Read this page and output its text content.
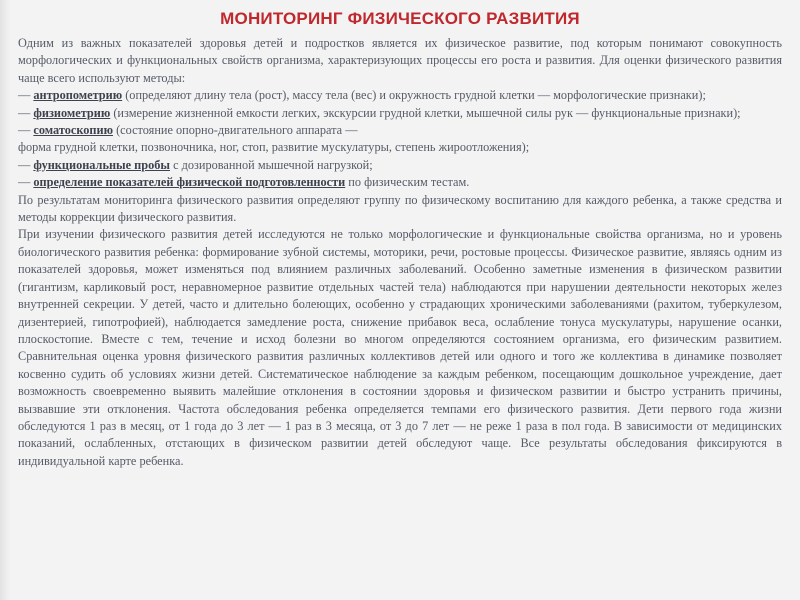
МОНИТОРИНГ ФИЗИЧЕСКОГО РАЗВИТИЯ

Одним из важных показателей здоровья детей и подростков является их физическое развитие, под которым понимают совокупность морфологических и функциональных свойств организма, характеризующих процессы его роста и развития. Для оценки физического развития чаще всего используют методы:

— антропометрию (определяют длину тела (рост), массу тела (вес) и окружность грудной клетки — морфологические признаки);

— физиометрию (измерение жизненной емкости легких, экскурсии грудной клетки, мышечной силы рук — функциональные признаки);

— соматоскопию (состояние опорно-двигательного аппарата —

форма грудной клетки, позвоночника, ног, стоп, развитие мускулатуры, степень жироотложения);

— функциональные пробы с дозированной мышечной нагрузкой;

— определение показателей физической подготовленности по физическим тестам.

По результатам мониторинга физического развития определяют группу по физическому воспитанию для каждого ребенка, а также средства и методы коррекции физического развития.

При изучении физического развития детей исследуются не только морфологические и функциональные свойства организма, но и уровень биологического развития ребенка: формирование зубной системы, моторики, речи, ростовые процессы. Физическое развитие, являясь одним из показателей здоровья, может изменяться под влиянием различных заболеваний. Особенно заметные изменения в физическом развитии (гигантизм, карликовый рост, неравномерное развитие отдельных частей тела) наблюдаются при нарушении деятельности некоторых желез внутренней секреции. У детей, часто и длительно болеющих, особенно у страдающих хроническими заболеваниями (рахитом, туберкулезом, дизентерией, гипотрофией), наблюдается замедление роста, снижение прибавок веса, ослабление тонуса мускулатуры, нарушение осанки, плоскостопие. Вместе с тем, течение и исход болезни во многом определяются состоянием организма, его физическим развитием. Сравнительная оценка уровня физического развития различных коллективов детей или одного и того же коллектива в динамике позволяет косвенно судить об условиях жизни детей. Систематическое наблюдение за каждым ребенком, посещающим дошкольное учреждение, дает возможность своевременно выявить малейшие отклонения в состоянии здоровья и физическом развитии и быстро устранить причины, вызвавшие эти отклонения. Частота обследования ребенка определяется темпами его физического развития. Дети первого года жизни обследуются 1 раз в месяц, от 1 года до 3 лет — 1 раз в 3 месяца, от 3 до 7 лет — не реже 1 раза в пол года. В зависимости от медицинских показаний, ослабленных, отстающих в физическом развитии детей обследуют чаще. Все результаты обследования фиксируются в индивидуальной карте ребенка.
